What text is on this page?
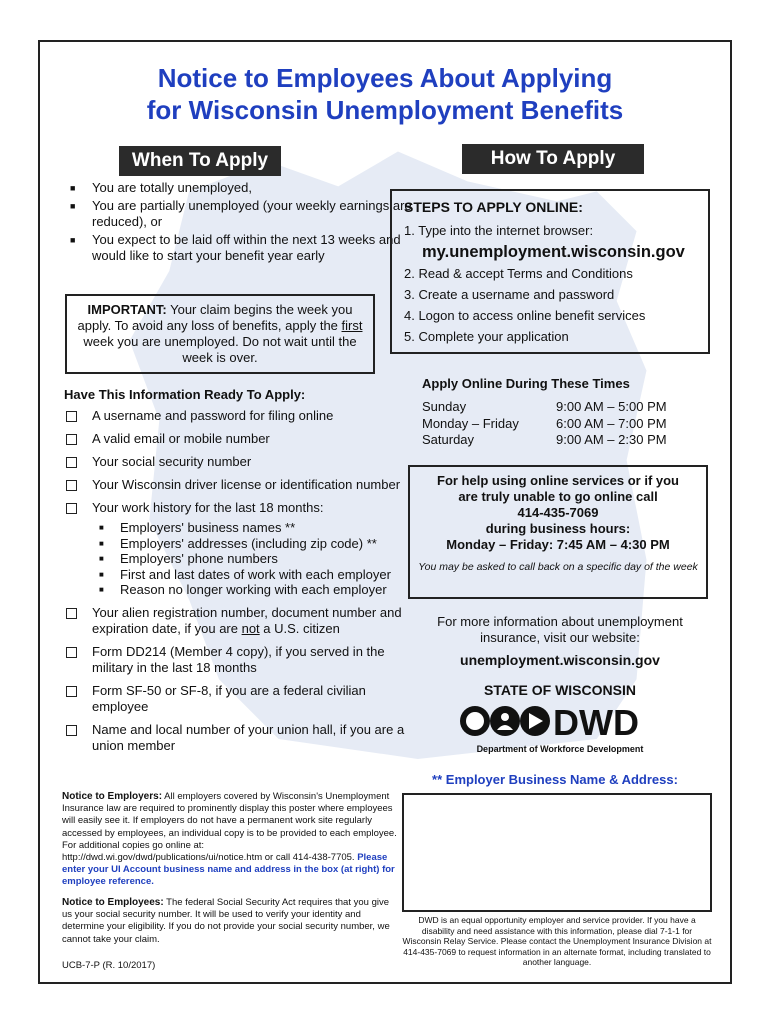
Notice to Employees About Applying
for Wisconsin Unemployment Benefits
When To Apply	How To Apply
■ You are totally unemployed,
■ You are partially unemployed (your weekly earnings are reduced), or
■ You expect to be laid off within the next 13 weeks and would like to start your benefit year early
IMPORTANT: Your claim begins the week you apply. To avoid any loss of benefits, apply the first week you are unemployed. Do not wait until the week is over.
Have This Information Ready To Apply:
A username and password for filing online
A valid email or mobile number
Your social security number
Your Wisconsin driver license or identification number
Your work history for the last 18 months:
■ Employers' business names **
■ Employers' addresses (including zip code) **
■ Employers' phone numbers
■ First and last dates of work with each employer
■ Reason no longer working with each employer
Your alien registration number, document number and expiration date, if you are not a U.S. citizen
Form DD214 (Member 4 copy), if you served in the military in the last 18 months
Form SF-50 or SF-8, if you are a federal civilian employee
Name and local number of your union hall, if you are a union member
Notice to Employers: All employers covered by Wisconsin's Unemployment Insurance law are required to prominently display this poster where employees will easily see it. If employers do not have a permanent work site regularly accessed by employees, an individual copy is to be provided to each employee. For additional copies go online at: http://dwd.wi.gov/dwd/publications/ui/notice.htm or call 414-438-7705. Please enter your UI Account business name and address in the box (at right) for employee reference.
Notice to Employees: The federal Social Security Act requires that you give us your social security number. It will be used to verify your identity and determine your eligibility. If you do not provide your social security number, we cannot take your claim.
UCB-7-P (R. 10/2017)
STEPS TO APPLY ONLINE:
1. Type into the internet browser:
my.unemployment.wisconsin.gov
2. Read & accept Terms and Conditions
3. Create a username and password
4. Logon to access online benefit services
5. Complete your application
Apply Online During These Times
Sunday	9:00 AM – 5:00 PM
Monday – Friday	6:00 AM – 7:00 PM
Saturday	9:00 AM – 2:30 PM
For help using online services or if you
are truly unable to go online call
414-435-7069
during business hours:
Monday – Friday: 7:45 AM – 4:30 PM
You may be asked to call back on a specific day of the week
For more information about unemployment insurance, visit our website:
unemployment.wisconsin.gov
STATE OF WISCONSIN
DWD
Department of Workforce Development
** Employer Business Name & Address:
DWD is an equal opportunity employer and service provider. If you have a disability and need assistance with this information, please dial 7-1-1 for Wisconsin Relay Service. Please contact the Unemployment Insurance Division at 414-435-7069 to request information in an alternate format, including translated to another language.
